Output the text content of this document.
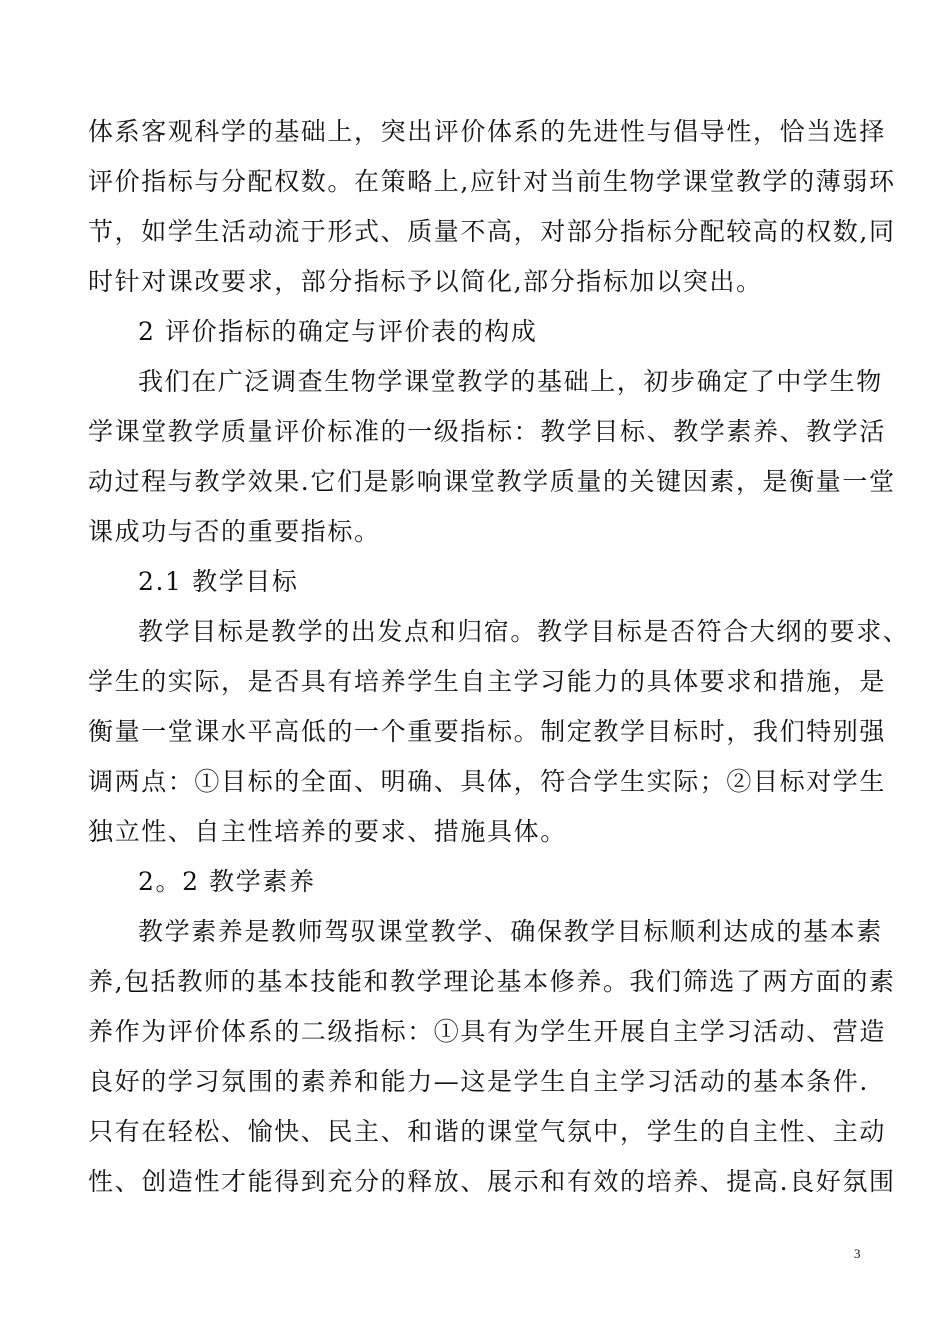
体系客观科学的基础上，突出评价体系的先进性与倡导性，恰当选择
评价指标与分配权数。在策略上,应针对当前生物学课堂教学的薄弱环
节，如学生活动流于形式、质量不高，对部分指标分配较高的权数,同
时针对课改要求，部分指标予以简化,部分指标加以突出。
2 评价指标的确定与评价表的构成
我们在广泛调查生物学课堂教学的基础上，初步确定了中学生物
学课堂教学质量评价标准的一级指标：教学目标、教学素养、教学活
动过程与教学效果.它们是影响课堂教学质量的关键因素，是衡量一堂
课成功与否的重要指标。
2.1 教学目标
教学目标是教学的出发点和归宿。教学目标是否符合大纲的要求、
学生的实际，是否具有培养学生自主学习能力的具体要求和措施，是
衡量一堂课水平高低的一个重要指标。制定教学目标时，我们特别强
调两点：①目标的全面、明确、具体，符合学生实际；②目标对学生
独立性、自主性培养的要求、措施具体。
2。2 教学素养
教学素养是教师驾驭课堂教学、确保教学目标顺利达成的基本素
养,包括教师的基本技能和教学理论基本修养。我们筛选了两方面的素
养作为评价体系的二级指标：①具有为学生开展自主学习活动、营造
良好的学习氛围的素养和能力—这是学生自主学习活动的基本条件.
只有在轻松、愉快、民主、和谐的课堂气氛中，学生的自主性、主动
性、创造性才能得到充分的释放、展示和有效的培养、提高.良好氛围
3
